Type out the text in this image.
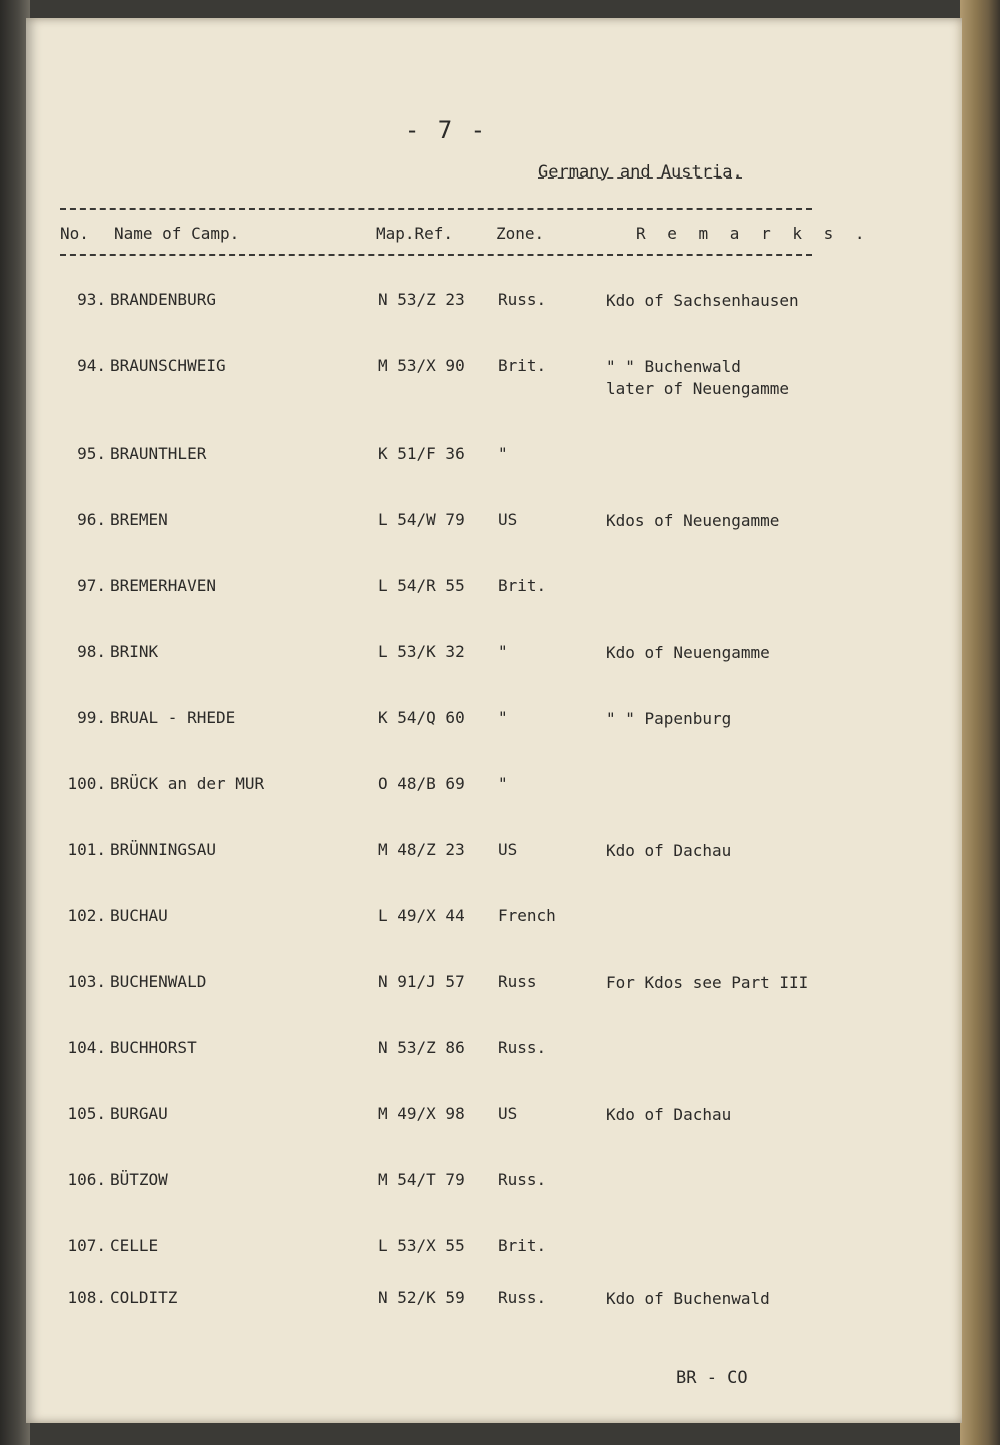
- 7 -
Germany and Austria.
No. Name of Camp.	Map.Ref.	Zone.	R e m a r k s .
93. BRANDENBURG	N 53/Z 23 Russ.	Kdo of Sachsenhausen
94. BRAUNSCHWEIG	M 53/X 90 Brit.	" " Buchenwald
later of Neuengamme
95. BRAUNTHLER	K 51/F 36 "
96. BREMEN	L 54/W 79 US	Kdos of Neuengamme
97. BREMERHAVEN	L 54/R 55 Brit.
98. BRINK	L 53/K 32 "	Kdo of Neuengamme
99. BRUAL - RHEDE	K 54/Q 60 "	" " Papenburg
100. BRÜCK an der MUR	O 48/B 69 "
101. BRÜNNINGSAU	M 48/Z 23 US	Kdo of Dachau
102. BUCHAU	L 49/X 44 French
103. BUCHENWALD	N 91/J 57 Russ	For Kdos see Part III
104. BUCHHORST	N 53/Z 86 Russ.
105. BURGAU	M 49/X 98 US	Kdo of Dachau
106. BÜTZOW	M 54/T 79 Russ.
107. CELLE	L 53/X 55 Brit.
108. COLDITZ	N 52/K 59 Russ.	Kdo of Buchenwald
BR - CO
